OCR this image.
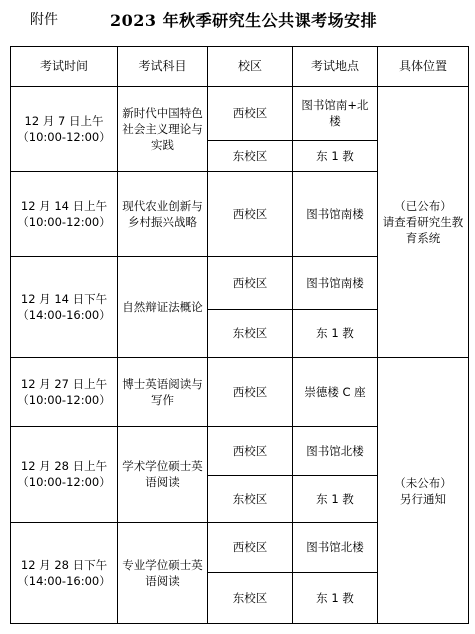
附件	2023 年秋季研究生公共课考场安排
考试时间	考试科目	校区	考试地点	具体位置

12 月 7 日上午
（10:00-12:00）	新时代中国特色社会主义理论与实践	西校区	图书馆南+北楼	（已公布）
请查看研究生教育系统

		东校区	东 1 教	

12 月 14 日上午
（10:00-12:00）	现代农业创新与乡村振兴战略	西校区	图书馆南楼	

12 月 14 日下午
（14:00-16:00）	自然辩证法概论	西校区	图书馆南楼	
		东校区	东 1 教	

12 月 27 日上午
（10:00-12:00）	博士英语阅读与写作	西校区	崇德楼 C 座	（未公布）
另行通知

12 月 28 日上午
（10:00-12:00）	学术学位硕士英语阅读	西校区	图书馆北楼	
		东校区	东 1 教	

12 月 28 日下午
（14:00-16:00）	专业学位硕士英语阅读	西校区	图书馆北楼	
		东校区	东 1 教	
